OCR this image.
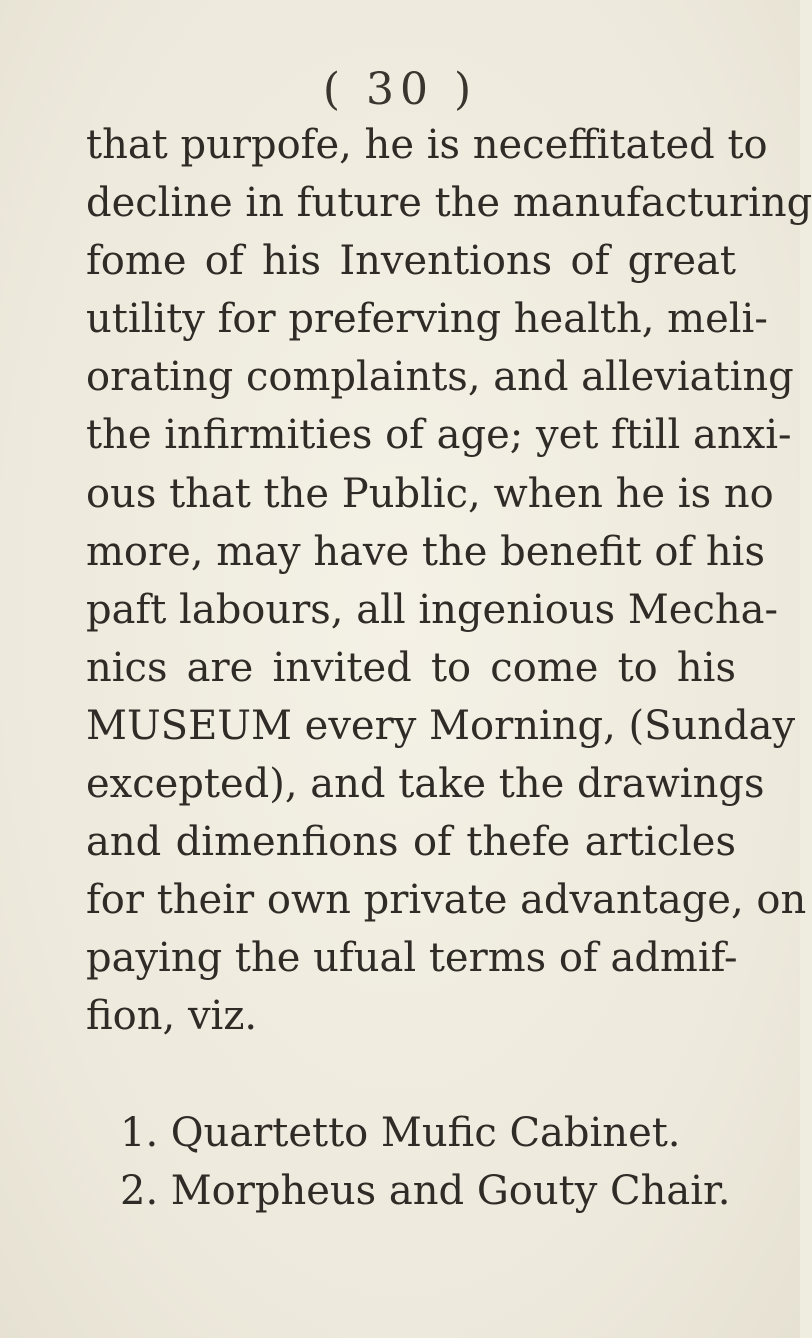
( 30 )
that purpofe, he is neceffitated to
decline in future the manufacturing
fome of his Inventions of great
utility for preferving health, meli-
orating complaints, and alleviating
the infirmities of age; yet ftill anxi-
ous that the Public, when he is no
more, may have the benefit of his
paft labours, all ingenious Mecha-
nics are invited to come to his
MUSEUM every Morning, (Sunday
excepted), and take the drawings
and dimenfions of thefe articles
for their own private advantage, on
paying the ufual terms of admif-
fion, viz.
1. Quartetto Mufic Cabinet.
2. Morpheus and Gouty Chair.
